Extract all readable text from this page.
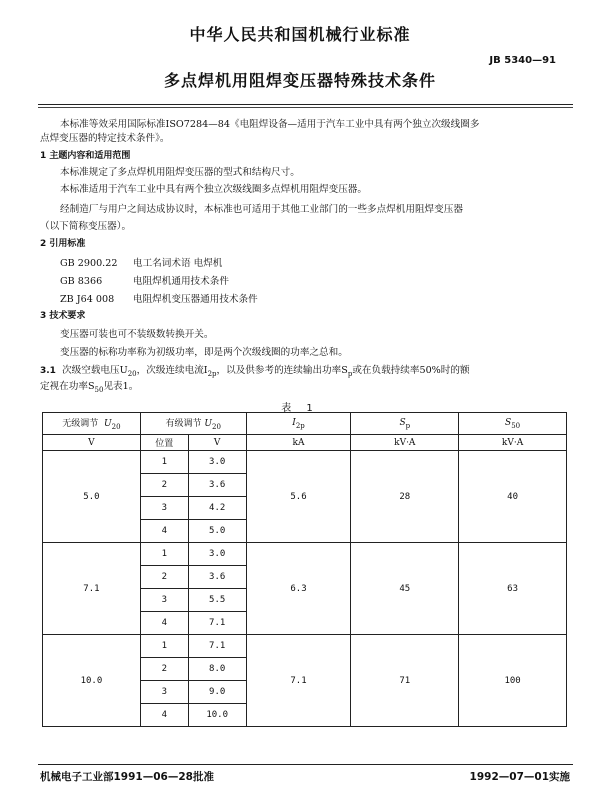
中华人民共和国机械行业标准
JB 5340—91
多点焊机用阻焊变压器特殊技术条件
本标准等效采用国际标准ISO7284—84《电阻焊设备—适用于汽车工业中具有两个独立次级线圈多
点焊变压器的特定技术条件》。
1 主题内容和适用范围
本标准规定了多点焊机用阻焊变压器的型式和结构尺寸。
本标准适用于汽车工业中具有两个独立次级线圈多点焊机用阻焊变压器。
经制造厂与用户之间达成协议时，本标准也可适用于其他工业部门的一些多点焊机用阻焊变压器
（以下简称变压器）。
2 引用标准
GB 2900.22 电工名词术语 电焊机
GB 8366	电阻焊机通用技术条件
ZB J64 008 电阻焊机变压器通用技术条件
3 技术要求
变压器可装也可不装级数转换开关。
变压器的标称功率称为初级功率，即是两个次级线圈的功率之总和。
3.1 次级空载电压$U_{20}$，次级连续电流$I_{2p}$，以及供参考的连续输出功率$S_p$或在负载持续率50%时的额
定视在功率$S_{50}$见表1。
表 1
无级调节 $U_{20}$	有级调节 $U_{20}$		$I_{2p}$	$S_p$	$S_{50}$
V	位置	V	kA	kV·A	kV·A
5.0	1	3.0	5.6	28	40
	2	3.6			
	3	4.2			
	4	5.0			
7.1	1	3.0	6.3	45	63
	2	3.6			
	3	5.5			
	4	7.1			
10.0	1	7.1	7.1	71	100
	2	8.0			
	3	9.0			
	4	10.0			
机械电子工业部1991—06—28批准	1992—07—01实施
